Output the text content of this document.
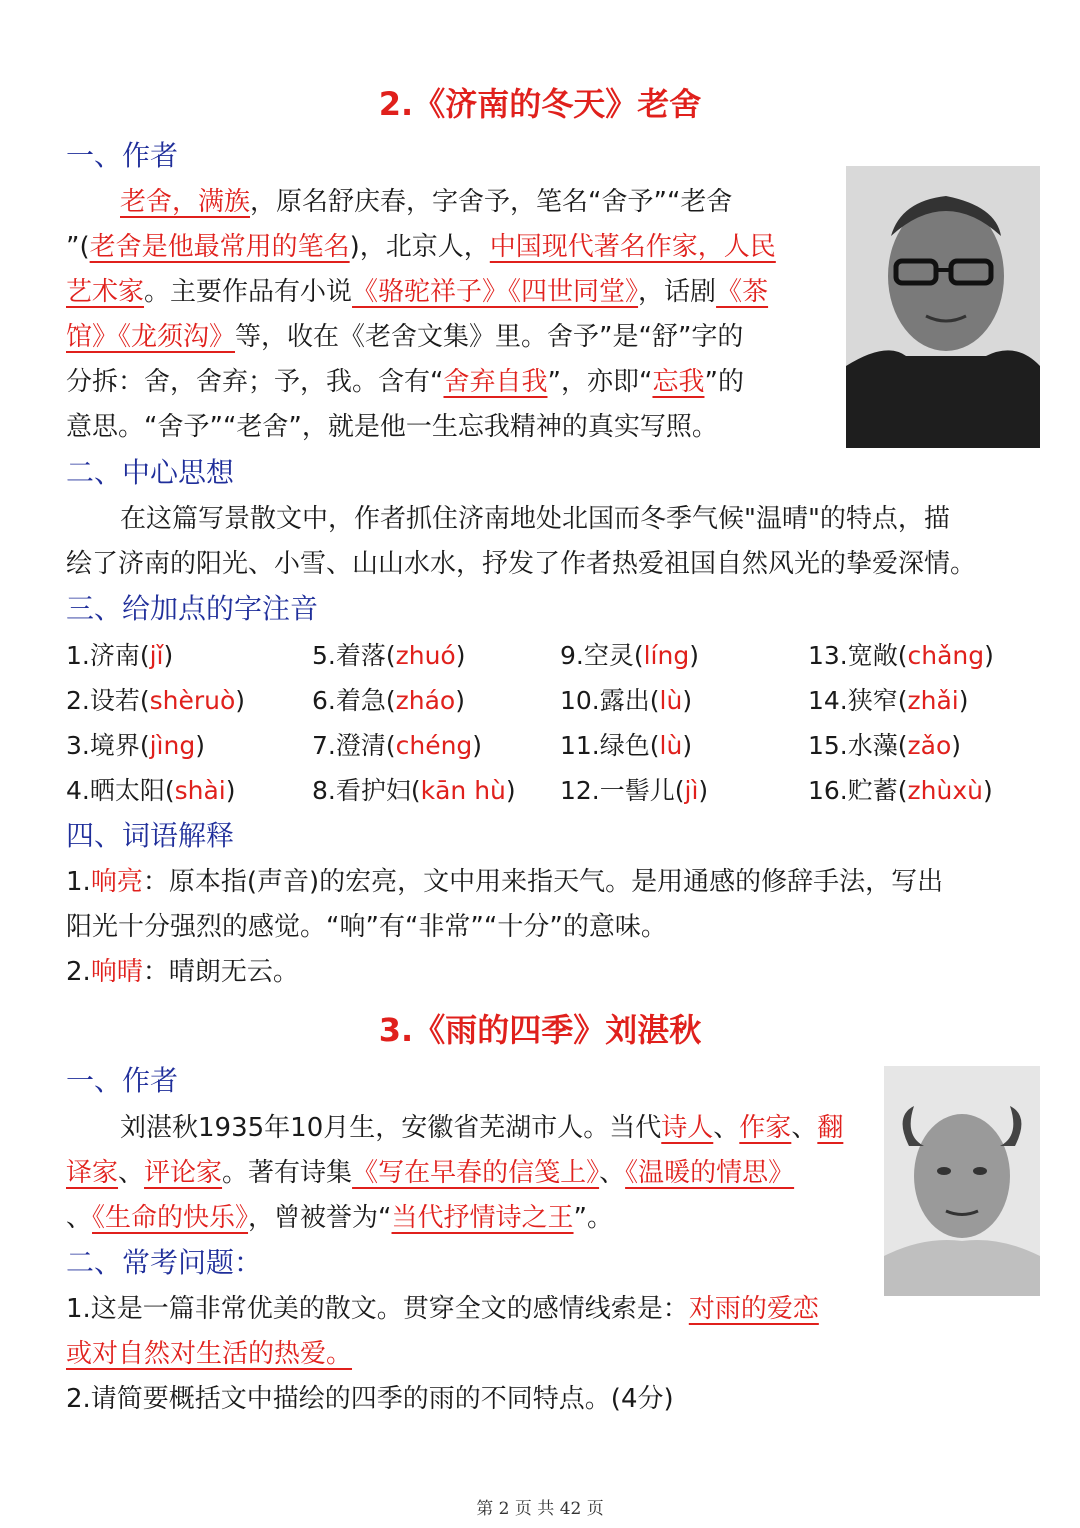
2.《济南的冬天》老舍
一、作者
老舍，满族，原名舒庆春，字舍予，笔名“舍予”“老舍
”(老舍是他最常用的笔名)，北京人，中国现代著名作家，人民
艺术家。主要作品有小说《骆驼祥子》《四世同堂》，话剧《茶
馆》《龙须沟》等，收在《老舍文集》里。舍予”是“舒”字的
分拆：舍，舍弃；予，我。含有“舍弃自我”，亦即“忘我”的
意思。“舍予”“老舍”，就是他一生忘我精神的真实写照。
二、中心思想
在这篇写景散文中，作者抓住济南地处北国而冬季气候"温晴"的特点，描
绘了济南的阳光、小雪、山山水水，抒发了作者热爱祖国自然风光的挚爱深情。
三、给加点的字注音
1.济南(jǐ)	5.着落(zhuó)	9.空灵(líng)	13.宽敞(chǎng)
2.设若(shèruò)	6.着急(zháo)	10.露出(lù)	14.狭窄(zhǎi)
3.境界(jìng)	7.澄清(chéng)	11.绿色(lù)	15.水藻(zǎo)
4.晒太阳(shài)	8.看护妇(kān hù) 12.一髻儿(jì)	16.贮蓄(zhùxù)
四、词语解释
1.响亮：原本指(声音)的宏亮，文中用来指天气。是用通感的修辞手法，写出
阳光十分强烈的感觉。“响”有“非常”“十分”的意味。
2.响晴：晴朗无云。
3.《雨的四季》刘湛秋
一、作者
刘湛秋1935年10月生，安徽省芜湖市人。当代诗人、作家、翻
译家、评论家。著有诗集《写在早春的信笺上》、《温暖的情思》
、《生命的快乐》，曾被誉为“当代抒情诗之王”。
二、常考问题：
1.这是一篇非常优美的散文。贯穿全文的感情线索是：对雨的爱恋
或对自然对生活的热爱。
2.请简要概括文中描绘的四季的雨的不同特点。(4分)
第 2 页 共 42 页
